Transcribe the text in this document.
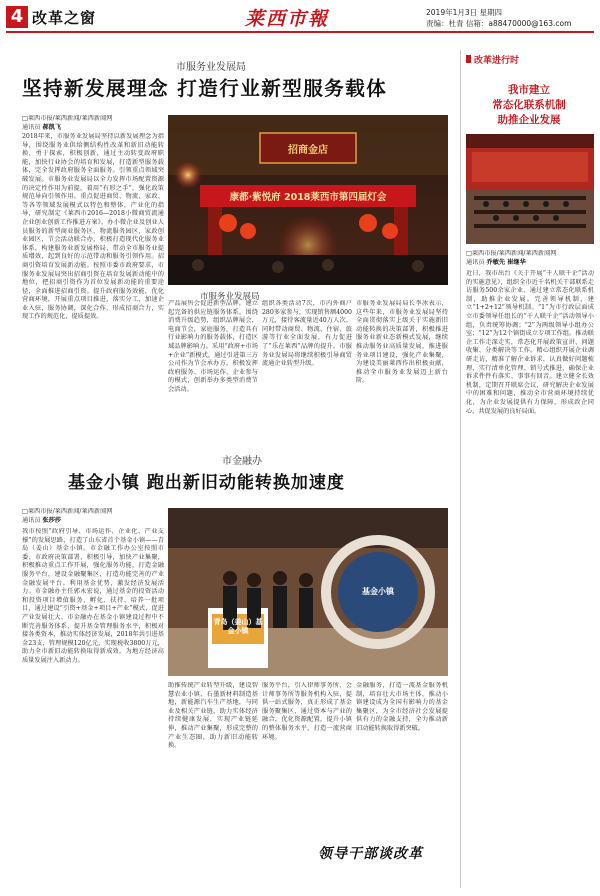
4 改革之窗	莱西市報	2019年1月3日 星期四
责编：杜青 信箱：a88470000@163.com
市服务业发展局
坚持新发展理念 打造行业新型服务载体
□莱西市报/莱西新闻/莱西新闻网
通讯员 郝凯飞
2018年来，市服务业发展局坚持以新发展理念为指导，围绕服务业供给侧结构性改革和新旧动能转换，勇于探索，积极创新，通过主动转变政府职能，加快行业协会的培育和发展，打造新型服务载体，完全发挥政府服务全面服务。引领重点领域突破发展。市服务业发展局以全力发挥市场配置资源的决定性作用为前提，着用“有形之手”，强化政策规范导向引领作用。重点促进商贸、物流、家政、等各等领域发展模式以特色和整体，产业化的指导，研究制定《莱西市2016—2018小微商贸流通企业创业创新工作推进方案》，办小微企业及创业人员服务的新型商业服务区，物流服务园区，家政创业园区，节会活动联合办，积极打造现代化服务业体系，构建服务业新发展格局，带动全市服务业提质增效，起到良好的示范带动和服务引领作用。招商引资培育发展新动能。按照市委市政府要求，市服务业发展局突出招商引资在培育发展新动能中的地位，把招商引资作为首位发展新动能的重要途径，全面推进招商引资。提升政府服务效能，优化营商环境，开展重点项目推进，落实分工，加速企业入驻，服务协调，深化合作，形成招商合力，实现工作的规范化、提质提效。
康都·紫悦府 2018莱西市第四届灯会
招商金店
市服务业发展局
产品展售会促进新型品牌，建立起完备的供应链服务体系。围绕消费升级趋势，组织品牌展会，电商节会，家庭服务，打造具有行业影响力的服务载体，打造区域品牌影响力。采用“政府+市场+企业”新模式，通过引进第三方公司作为节会承办方，积极发挥政府服务、市场运作、企业参与的模式，创新举办多类型消费节会活动。
组织各类活动7次，市内外商户280多家参与，实现销售额4000万元，接待客流量近40万人次。同时带动商贸、物流、住宿、旅游等行业全面发展，有力促进了“乐在莱西”品牌的提升。市服务业发展局将继续积极引导商贸流通企业转型升级。
市服务业发展局局长李冰表示，这些年来，市服务业发展局坚持全面贯彻落实上级关于实施新旧动能转换的决策部署，积极推进服务业新业态新模式发展，继续推动服务业高质量发展，推进服务业项目建设，强化产业集聚，为建设美丽莱西作出积极贡献，推动全市服务业发展迈上新台阶。
市金融办
基金小镇 跑出新旧动能转换加速度
□莱西市报/莱西新闻/莱西新闻网
通讯员 张莎莎
我市按照“政府引导、市场运作、企业化、产业支撑”的发展思路，打造了山东省首个基金小镇——青岛（姜山）基金小镇。市金融工作办公室按照市委、市政府决策部署，积极引导，加快产业集聚，积极推动重点工作开展，强化服务功能，打造金融服务平台，建设金融聚集区，打造功能完善的产业金融发展平台。利用基金优势，激发经济发展活力。市金融办主任郭永宏说，通过基金的投资活动和投资项目增值服务，孵化、扶持、培养一批项目，通过建设“引资+基金+项目+产业”模式，促进产业发展壮大。市金融办在基金小镇建设过程中不断完善服务体系，提升基金管理服务水平，积极对接各类资本，推动实体经济发展，2018年共引进基金23支，管理规模120亿元，实现税收3800万元，助力全市新旧动能转换取得新成效，为地方经济高质量发展注入新动力。
青岛（姜山）基金小镇
基金小镇
助推传统产业转型升级，建设智慧农业小镇，石墨新材料制造基地，新能源汽车生产基地，与同业及相关产业链，助力实体经济持续健康发展，实现产业链延伸，推动产业集聚，形成完整的产业生态圈，助力新旧动能转换。
服务平台，引入律师事务所、会计师事务所等服务机构入驻，提供一站式服务，真正形成了基金服务聚集区，通过资本与产业的融合，优化资源配置，提升小镇的整体服务水平，打造一流营商环境。
金融服务，打造一流基金服务机制，培育壮大市场主体，推动小镇建设成为全国有影响力的基金集聚区，为全市经济社会发展提供有力的金融支持，全力推动新旧动能转换取得新突破。
领导干部谈改革
改革进行时
我市建立
常态化联系机制
助推企业发展
□莱西市报/莱西新闻/莱西新闻网
通讯员 乔敏先 崔继华
近日，我市出台《关于开展“千人联千企”活动的实施意见》，组织全市近千名机关干部联系走访服务500余家企业，通过建立常态化联系机制，助推企业发展。完善领导机制，建立“1+2+12”领导机制。“1”为市行政层面成立市委领导任组长的“千人联千企”活动领导小组，负责统筹协调；“2”为两级领导小组办公室；“12”为12个镇街成立专项工作组。推动联企工作走深走实，常态化开展政策宣讲、问题收集、分类解决等工作。精心组织开展企业调研走访，精准了解企业诉求，认真做好问题梳理，实行清单化管理、销号式推进，确保企业诉求件件有落实、事事有回音。建立健全长效机制，定期召开联席会议，研究解决企业发展中的困难和问题，推动全市营商环境持续优化，为企业发展提供有力保障，形成政企同心、共促发展的良好局面。
